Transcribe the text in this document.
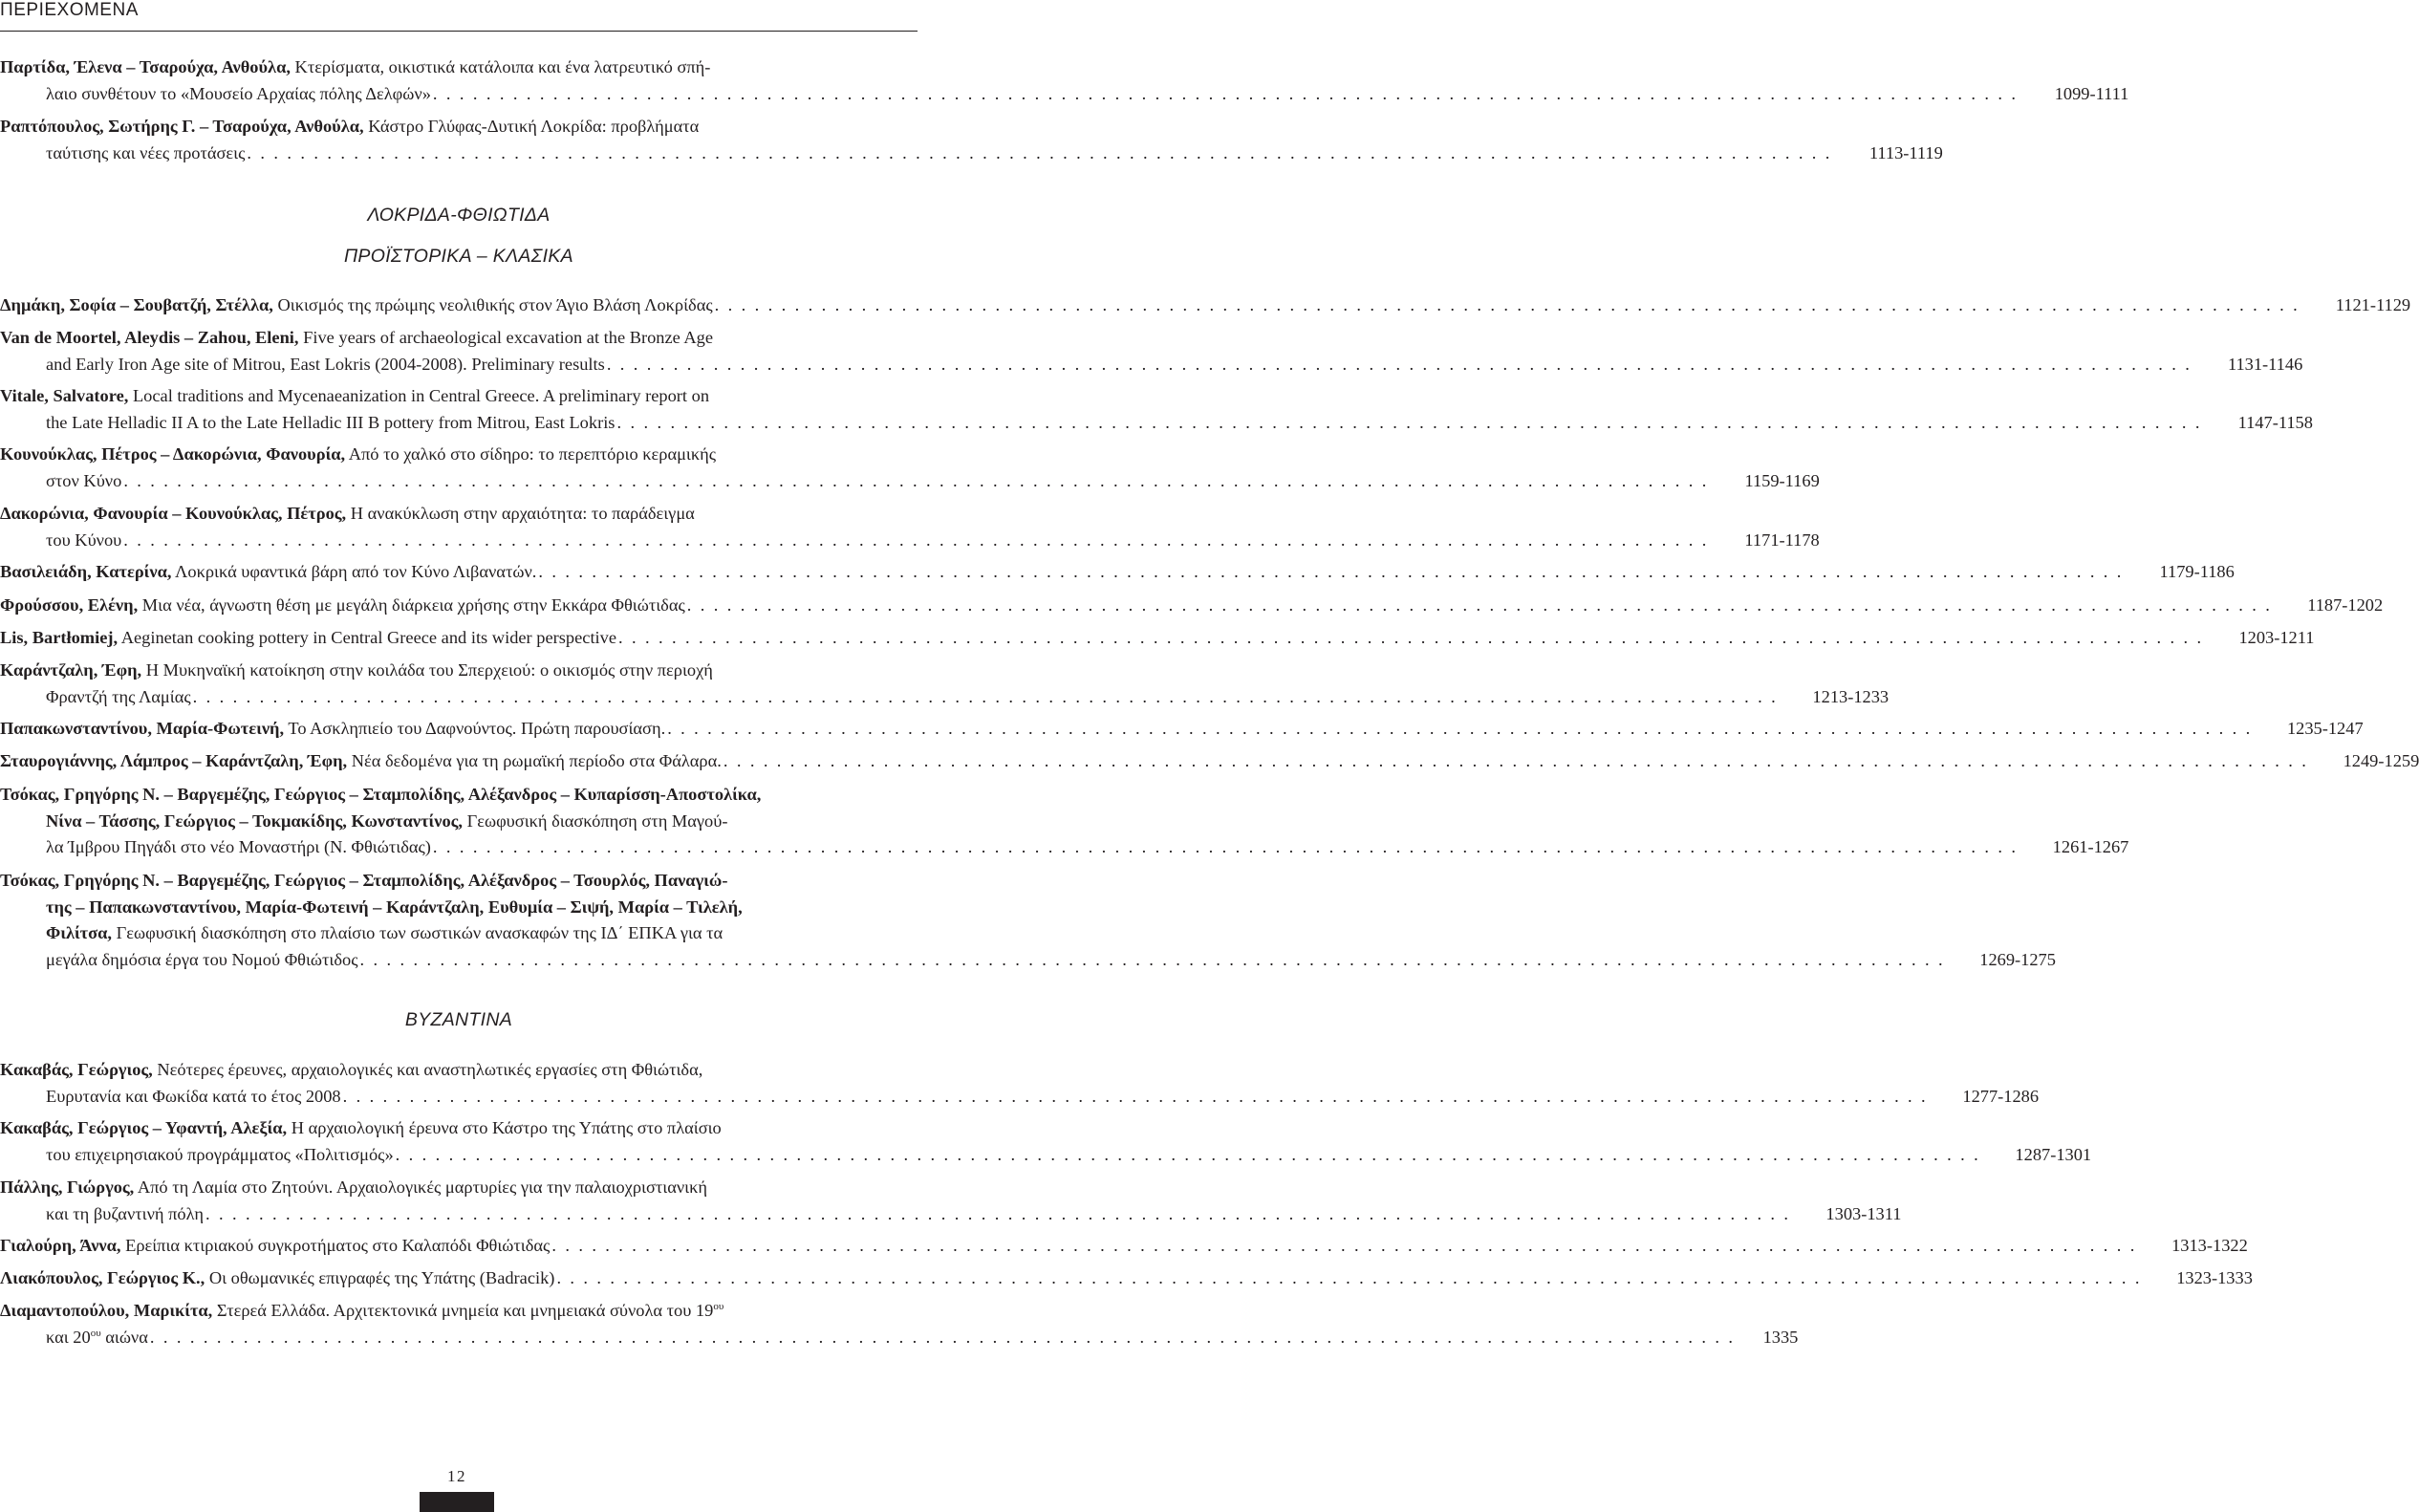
ΠΕΡΙΕΧΟΜΕΝΑ
Παρτίδα, Έλενα – Τσαρούχα, Ανθούλα, Κτερίσματα, οικιστικά κατάλοιπα και ένα λατρευτικό σπή-
λαιο συνθέτουν το «Μουσείο Αρχαίας πόλης Δελφών» . . . . . . . . . . . . . . . . . . . . . . . . . . . . . . . . . . . . . . . . . . . . . . . . . . . . . . . . . . . . . . . . . . . . . . . . . . . . . . . . . . . . . . . . . . . . . . . . . . . . . . . . . . . . . . . . . . . . . . .	1099-1111
Ραπτόπουλος, Σωτήρης Γ. – Τσαρούχα, Ανθούλα, Κάστρο Γλύφας-Δυτική Λοκρίδα: προβλήματα
ταύτισης και νέες προτάσεις . . . . . . . . . . . . . . . . . . . . . . . . . . . . . . . . . . . . . . . . . . . . . . . . . . . . . . . . . . . . . . . . . . . . . . . . . . . . . . . . . . . . . . . . . . . . . . . . . . . . . . . . . . . . . . . . . . . . . . .	1113-1119
ΛΟΚΡΙΔΑ-ΦΘΙΩΤΙΔΑ
ΠΡΟΪΣΤΟΡΙΚΑ – ΚΛΑΣΙΚΑ
Δημάκη, Σοφία – Σουβατζή, Στέλλα, Οικισμός της πρώιμης νεολιθικής στον Άγιο Βλάση Λοκρίδας . . . . . . . . . . . . . . . . . . . . . . . . . . . . . . . . . . . . . . . . . . . . . . . . . . . . . . . . . . . . . . . . . . . . . . . . . . . . . . . . . . . . . . . . . . . . . . . . . . . . . . . . . . . . . . . . . . . . . . .	1121-1129
Van de Moortel, Aleydis – Zahou, Eleni, Five years of archaeological excavation at the Bronze Age
and Early Iron Age site of Mitrou, East Lokris (2004-2008). Preliminary results . . . . . . . . . . . . . . . . . . . . . . . . . . . . . . . . . . . . . . . . . . . . . . . . . . . . . . . . . . . . . . . . . . . . . . . . . . . . . . . . . . . . . . . . . . . . . . . . . . . . . . . . . . . . . . . . . . . . . . .	1131-1146
Vitale, Salvatore, Local traditions and Mycenaeanization in Central Greece. A preliminary report on
the Late Helladic II A to the Late Helladic III B pottery from Mitrou, East Lokris . . . . . . . . . . . . . . . . . . . . . . . . . . . . . . . . . . . . . . . . . . . . . . . . . . . . . . . . . . . . . . . . . . . . . . . . . . . . . . . . . . . . . . . . . . . . . . . . . . . . . . . . . . . . . . . . . . . . . . .	1147-1158
Κουνούκλας, Πέτρος – Δακορώνια, Φανουρία, Από το χαλκό στο σίδηρο: το περεπτόριο κεραμικής
στον Κύνο . . . . . . . . . . . . . . . . . . . . . . . . . . . . . . . . . . . . . . . . . . . . . . . . . . . . . . . . . . . . . . . . . . . . . . . . . . . . . . . . . . . . . . . . . . . . . . . . . . . . . . . . . . . . . . . . . . . . . . .	1159-1169
Δακορώνια, Φανουρία – Κουνούκλας, Πέτρος, Η ανακύκλωση στην αρχαιότητα: το παράδειγμα
του Κύνου . . . . . . . . . . . . . . . . . . . . . . . . . . . . . . . . . . . . . . . . . . . . . . . . . . . . . . . . . . . . . . . . . . . . . . . . . . . . . . . . . . . . . . . . . . . . . . . . . . . . . . . . . . . . . . . . . . . . . . .	1171-1178
Βασιλειάδη, Κατερίνα, Λοκρικά υφαντικά βάρη από τον Κύνο Λιβανατών. . . . . . . . . . . . . . . . . . . . . . . . . . . . . . . . . . . . . . . . . . . . . . . . . . . . . . . . . . . . . . . . . . . . . . . . . . . . . . . . . . . . . . . . . . . . . . . . . . . . . . . . . . . . . . . . . . . . . . . .	1179-1186
Φρούσσου, Ελένη, Μια νέα, άγνωστη θέση με μεγάλη διάρκεια χρήσης στην Εκκάρα Φθιώτιδας . . . . . . . . . . . . . . . . . . . . . . . . . . . . . . . . . . . . . . . . . . . . . . . . . . . . . . . . . . . . . . . . . . . . . . . . . . . . . . . . . . . . . . . . . . . . . . . . . . . . . . . . . . . . . . . . . . . . . . .	1187-1202
Lis, Bartłomiej, Aeginetan cooking pottery in Central Greece and its wider perspective . . . . . . . . . . . . . . . . . . . . . . . . . . . . . . . . . . . . . . . . . . . . . . . . . . . . . . . . . . . . . . . . . . . . . . . . . . . . . . . . . . . . . . . . . . . . . . . . . . . . . . . . . . . . . . . . . . . . . . .	1203-1211
Καράντζαλη, Έφη, Η Μυκηναϊκή κατοίκηση στην κοιλάδα του Σπερχειού: ο οικισμός στην περιοχή
Φραντζή της Λαμίας . . . . . . . . . . . . . . . . . . . . . . . . . . . . . . . . . . . . . . . . . . . . . . . . . . . . . . . . . . . . . . . . . . . . . . . . . . . . . . . . . . . . . . . . . . . . . . . . . . . . . . . . . . . . . . . . . . . . . . .	1213-1233
Παπακωνσταντίνου, Μαρία-Φωτεινή, Το Ασκληπιείο του Δαφνούντος. Πρώτη παρουσίαση. . . . . . . . . . . . . . . . . . . . . . . . . . . . . . . . . . . . . . . . . . . . . . . . . . . . . . . . . . . . . . . . . . . . . . . . . . . . . . . . . . . . . . . . . . . . . . . . . . . . . . . . . . . . . . . . . . . . . . . .	1235-1247
Σταυρογιάννης, Λάμπρος – Καράντζαλη, Έφη, Νέα δεδομένα για τη ρωμαϊκή περίοδο στα Φάλαρα. . . . . . . . . . . . . . . . . . . . . . . . . . . . . . . . . . . . . . . . . . . . . . . . . . . . . . . . . . . . . . . . . . . . . . . . . . . . . . . . . . . . . . . . . . . . . . . . . . . . . . . . . . . . . . . . . . . . . . . .	1249-1259
Τσόκας, Γρηγόρης Ν. – Βαργεμέζης, Γεώργιος – Σταμπολίδης, Αλέξανδρος – Κυπαρίσση-Αποστολίκα,
Νίνα – Τάσσης, Γεώργιος – Τοκμακίδης, Κωνσταντίνος, Γεωφυσική διασκόπηση στη Μαγού-
λα Ίμβρου Πηγάδι στο νέο Μοναστήρι (Ν. Φθιώτιδας) . . . . . . . . . . . . . . . . . . . . . . . . . . . . . . . . . . . . . . . . . . . . . . . . . . . . . . . . . . . . . . . . . . . . . . . . . . . . . . . . . . . . . . . . . . . . . . . . . . . . . . . . . . . . . . . . . . . . . . .	1261-1267
Τσόκας, Γρηγόρης Ν. – Βαργεμέζης, Γεώργιος – Σταμπολίδης, Αλέξανδρος – Τσουρλός, Παναγιώ-
της – Παπακωνσταντίνου, Μαρία-Φωτεινή – Καράντζαλη, Ευθυμία – Σιψή, Μαρία – Τιλελή,
Φιλίτσα, Γεωφυσική διασκόπηση στο πλαίσιο των σωστικών ανασκαφών της ΙΔ΄ ΕΠΚΑ για τα
μεγάλα δημόσια έργα του Νομού Φθιώτιδος . . . . . . . . . . . . . . . . . . . . . . . . . . . . . . . . . . . . . . . . . . . . . . . . . . . . . . . . . . . . . . . . . . . . . . . . . . . . . . . . . . . . . . . . . . . . . . . . . . . . . . . . . . . . . . . . . . . . . . .	1269-1275
ΒΥΖΑΝΤΙΝΑ
Κακαβάς, Γεώργιος, Νεότερες έρευνες, αρχαιολογικές και αναστηλωτικές εργασίες στη Φθιώτιδα,
Ευρυτανία και Φωκίδα κατά το έτος 2008 . . . . . . . . . . . . . . . . . . . . . . . . . . . . . . . . . . . . . . . . . . . . . . . . . . . . . . . . . . . . . . . . . . . . . . . . . . . . . . . . . . . . . . . . . . . . . . . . . . . . . . . . . . . . . . . . . . . . . . .	1277-1286
Κακαβάς, Γεώργιος – Υφαντή, Αλεξία, Η αρχαιολογική έρευνα στο Κάστρο της Υπάτης στο πλαίσιο
του επιχειρησιακού προγράμματος «Πολιτισμός» . . . . . . . . . . . . . . . . . . . . . . . . . . . . . . . . . . . . . . . . . . . . . . . . . . . . . . . . . . . . . . . . . . . . . . . . . . . . . . . . . . . . . . . . . . . . . . . . . . . . . . . . . . . . . . . . . . . . . . .	1287-1301
Πάλλης, Γιώργος, Από τη Λαμία στο Ζητούνι. Αρχαιολογικές μαρτυρίες για την παλαιοχριστιανική
και τη βυζαντινή πόλη . . . . . . . . . . . . . . . . . . . . . . . . . . . . . . . . . . . . . . . . . . . . . . . . . . . . . . . . . . . . . . . . . . . . . . . . . . . . . . . . . . . . . . . . . . . . . . . . . . . . . . . . . . . . . . . . . . . . . . .	1303-1311
Γιαλούρη, Άννα, Ερείπια κτιριακού συγκροτήματος στο Καλαπόδι Φθιώτιδας . . . . . . . . . . . . . . . . . . . . . . . . . . . . . . . . . . . . . . . . . . . . . . . . . . . . . . . . . . . . . . . . . . . . . . . . . . . . . . . . . . . . . . . . . . . . . . . . . . . . . . . . . . . . . . . . . . . . . . .	1313-1322
Λιακόπουλος, Γεώργιος Κ., Οι οθωμανικές επιγραφές της Υπάτης (Badracik) . . . . . . . . . . . . . . . . . . . . . . . . . . . . . . . . . . . . . . . . . . . . . . . . . . . . . . . . . . . . . . . . . . . . . . . . . . . . . . . . . . . . . . . . . . . . . . . . . . . . . . . . . . . . . . . . . . . . . . .	1323-1333
Διαμαντοπούλου, Μαρικίτα, Στερεά Ελλάδα. Αρχιτεκτονικά μνημεία και μνημειακά σύνολα του $19^{o\upsilon}$
και $20^{o\upsilon}$ αιώνα . . . . . . . . . . . . . . . . . . . . . . . . . . . . . . . . . . . . . . . . . . . . . . . . . . . . . . . . . . . . . . . . . . . . . . . . . . . . . . . . . . . . . . . . . . . . . . . . . . . . . . . . . . . . . . . . . . . . . . .	1335
12
